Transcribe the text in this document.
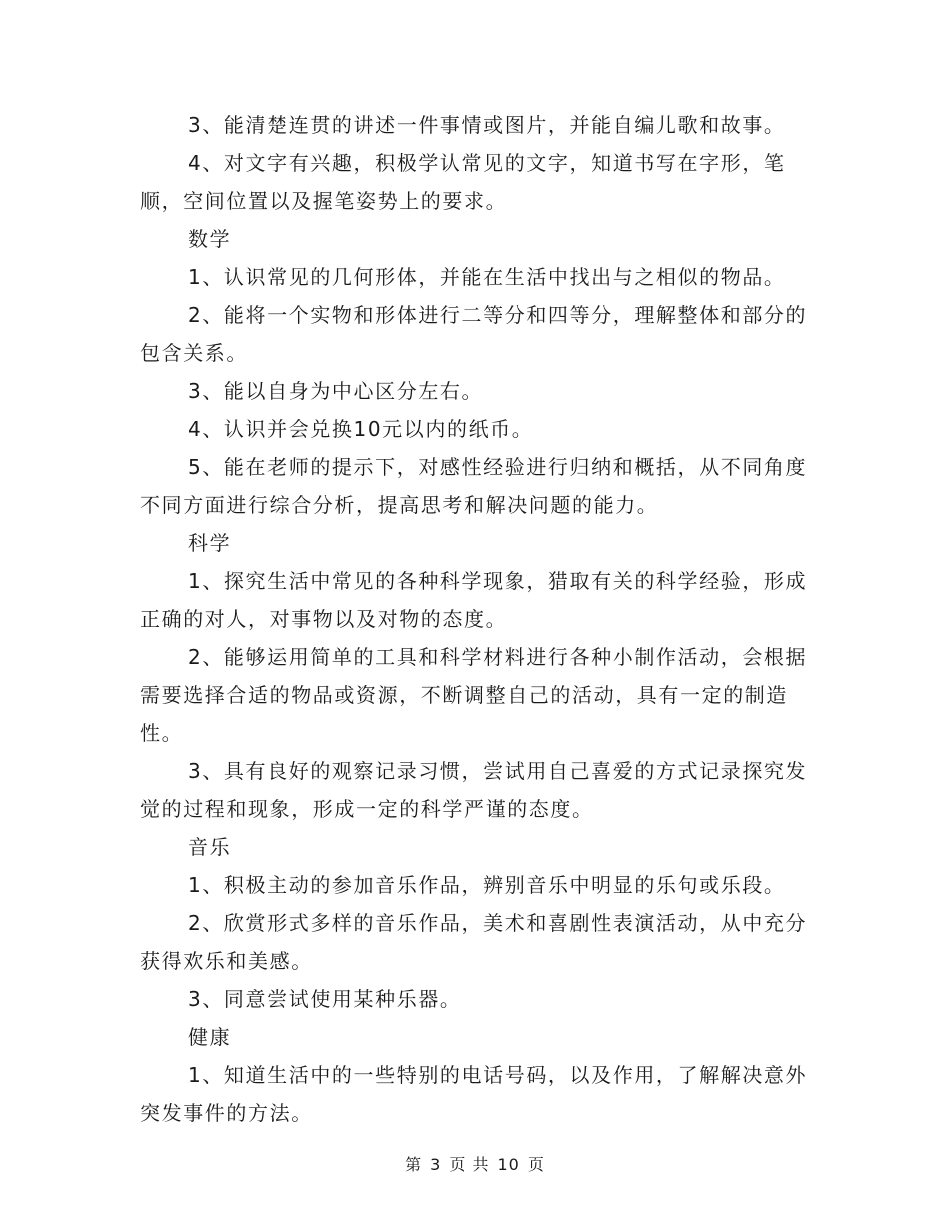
3、能清楚连贯的讲述一件事情或图片，并能自编儿歌和故事。

4、对文字有兴趣，积极学认常见的文字，知道书写在字形，笔顺，空间位置以及握笔姿势上的要求。

数学

1、认识常见的几何形体，并能在生活中找出与之相似的物品。

2、能将一个实物和形体进行二等分和四等分，理解整体和部分的包含关系。

3、能以自身为中心区分左右。

4、认识并会兑换10元以内的纸币。

5、能在老师的提示下，对感性经验进行归纳和概括，从不同角度不同方面进行综合分析，提高思考和解决问题的能力。

科学

1、探究生活中常见的各种科学现象，猎取有关的科学经验，形成正确的对人，对事物以及对物的态度。

2、能够运用简单的工具和科学材料进行各种小制作活动，会根据需要选择合适的物品或资源，不断调整自己的活动，具有一定的制造性。

3、具有良好的观察记录习惯，尝试用自己喜爱的方式记录探究发觉的过程和现象，形成一定的科学严谨的态度。

音乐

1、积极主动的参加音乐作品，辨别音乐中明显的乐句或乐段。

2、欣赏形式多样的音乐作品，美术和喜剧性表演活动，从中充分获得欢乐和美感。

3、同意尝试使用某种乐器。

健康

1、知道生活中的一些特别的电话号码，以及作用，了解解决意外突发事件的方法。

第 3 页 共 10 页
